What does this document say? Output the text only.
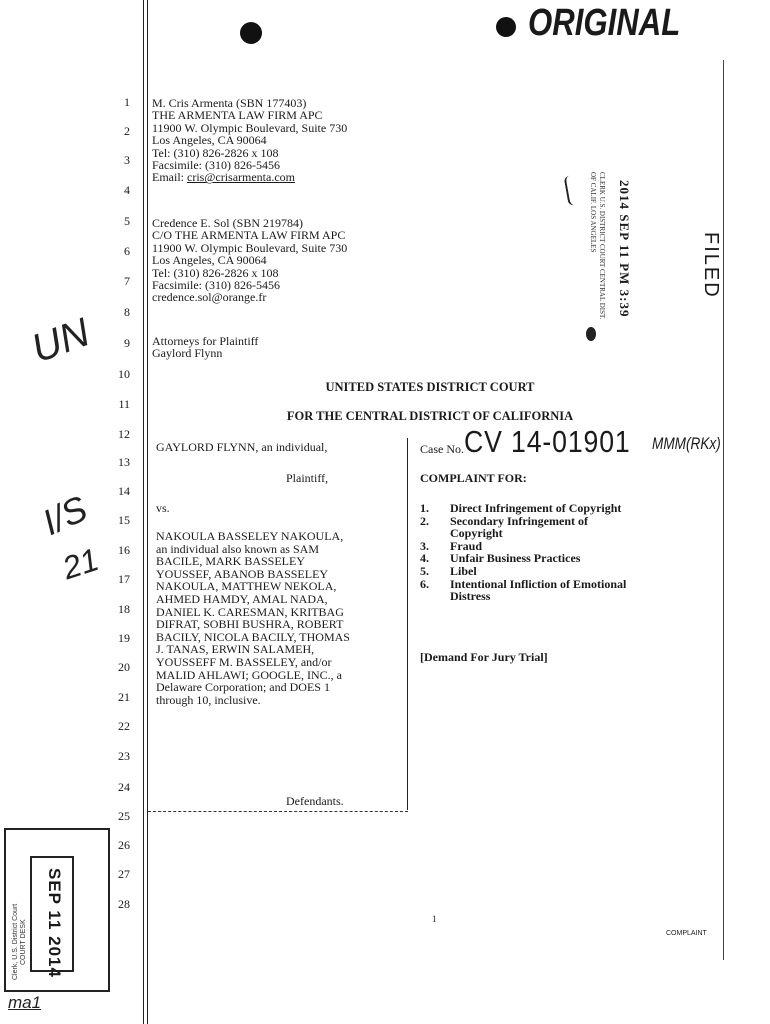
ORIGINAL
1
2
3
4
5
6
7
8
9
10
11
12
13
14
15
16
17
18
19
20
21
22
23
24
25
26
27
28
M. Cris Armenta (SBN 177403)
THE ARMENTA LAW FIRM APC
11900 W. Olympic Boulevard, Suite 730
Los Angeles, CA 90064
Tel: (310) 826-2826 x 108
Facsimile: (310) 826-5456
Email: cris@crisarmenta.com
Credence E. Sol (SBN 219784)
C/O THE ARMENTA LAW FIRM APC
11900 W. Olympic Boulevard, Suite 730
Los Angeles, CA 90064
Tel: (310) 826-2826 x 108
Facsimile: (310) 826-5456
credence.sol@orange.fr
Attorneys for Plaintiff
Gaylord Flynn
UNITED STATES DISTRICT COURT
FOR THE CENTRAL DISTRICT OF CALIFORNIA
GAYLORD FLYNN, an individual,
Plaintiff,
vs.
NAKOULA BASSELEY NAKOULA,
an individual also known as SAM
BACILE, MARK BASSELEY
YOUSSEF, ABANOB BASSELEY
NAKOULA, MATTHEW NEKOLA,
AHMED HAMDY, AMAL NADA,
DANIEL K. CARESMAN, KRITBAG
DIFRAT, SOBHI BUSHRA, ROBERT
BACILY, NICOLA BACILY, THOMAS
J. TANAS, ERWIN SALAMEH,
YOUSSEFF M. BASSELEY, and/or
MALID AHLAWI; GOOGLE, INC., a
Delaware Corporation; and DOES 1
through 10, inclusive.
Defendants.
Case No. CV 14-01901 MMM(RKx)
COMPLAINT FOR:
1.	Direct Infringement of Copyright
2.	Secondary Infringement of Copyright
3.	Fraud
4.	Unfair Business Practices
5.	Libel
6.	Intentional Infliction of Emotional Distress
[Demand For Jury Trial]
FILED
2014 SEP 11 PM 3:39
CLERK U.S. DISTRICT COURT CENTRAL DIST. OF CALIF. LOS ANGELES
UN
I/S
21
SEP 11 2014
Clerk, U.S. District Court COURT DESK
ma1
1
COMPLAINT
